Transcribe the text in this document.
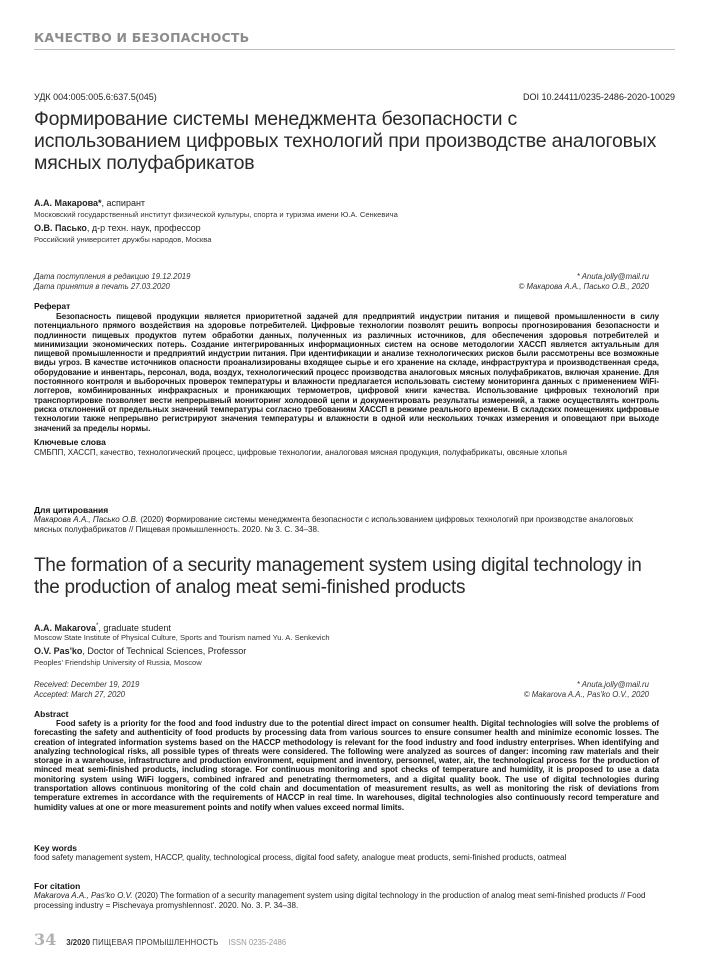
КАЧЕСТВО И БЕЗОПАСНОСТЬ
УДК 004:005:005.6:637.5(045)	DOI 10.24411/0235-2486-2020-10029
Формирование системы менеджмента безопасности с использованием цифровых технологий при производстве аналоговых мясных полуфабрикатов
А.А. Макарова*, аспирант
Московский государственный институт физической культуры, спорта и туризма имени Ю.А. Сенкевича
О.В. Пасько, д-р техн. наук, профессор
Российский университет дружбы народов, Москва
Дата поступления в редакцию 19.12.2019
Дата принятия в печать 27.03.2020
* Anuta.jolly@mail.ru
© Макарова А.А., Пасько О.В., 2020
Реферат

Безопасность пищевой продукции является приоритетной задачей для предприятий индустрии питания и пищевой промышленности в силу потенциального прямого воздействия на здоровье потребителей. Цифровые технологии позволят решить вопросы прогнозирования безопасности и подлинности пищевых продуктов путем обработки данных, полученных из различных источников, для обеспечения здоровья потребителей и минимизации экономических потерь. Создание интегрированных информационных систем на основе методологии ХАССП является актуальным для пищевой промышленности и предприятий индустрии питания. При идентификации и анализе технологических рисков были рассмотрены все возможные виды угроз. В качестве источников опасности проанализированы входящее сырье и его хранение на складе, инфраструктура и производственная среда, оборудование и инвентарь, персонал, вода, воздух, технологический процесс производства аналоговых мясных полуфабрикатов, включая хранение. Для постоянного контроля и выборочных проверок температуры и влажности предлагается использовать систему мониторинга данных с применением WiFi-логгеров, комбинированных инфракрасных и проникающих термометров, цифровой книги качества. Использование цифровых технологий при транспортировке позволяет вести непрерывный мониторинг холодовой цепи и документировать результаты измерений, а также осуществлять контроль риска отклонений от предельных значений температуры согласно требованиям ХАССП в режиме реального времени. В складских помещениях цифровые технологии также непрерывно регистрируют значения температуры и влажности в одной или нескольких точках измерения и оповещают при выходе значений за пределы нормы.

Ключевые слова

СМБПП, ХАССП, качество, технологический процесс, цифровые технологии, аналоговая мясная продукция, полуфабрикаты, овсяные хлопья

Для цитирования

Макарова А.А., Пасько О.В. (2020) Формирование системы менеджмента безопасности с использованием цифровых технологий при производстве аналоговых мясных полуфабрикатов // Пищевая промышленность. 2020. № 3. С. 34–38.

The formation of a security management system using digital technology in the production of analog meat semi-finished products
A.A. Makarova*, graduate student
Moscow State Institute of Physical Culture, Sports and Tourism named Yu. A. Senkevich
O.V. Pas'ko, Doctor of Technical Sciences, Professor
Peoples' Friendship University of Russia, Moscow
Received: December 19, 2019
Accepted: March 27, 2020
* Anuta.jolly@mail.ru
© Makarova A.A., Pas'ko O.V., 2020
Abstract

Food safety is a priority for the food and food industry due to the potential direct impact on consumer health. Digital technologies will solve the problems of forecasting the safety and authenticity of food products by processing data from various sources to ensure consumer health and minimize economic losses. The creation of integrated information systems based on the HACCP methodology is relevant for the food industry and food industry enterprises. When identifying and analyzing technological risks, all possible types of threats were considered. The following were analyzed as sources of danger: incoming raw materials and their storage in a warehouse, infrastructure and production environment, equipment and inventory, personnel, water, air, the technological process for the production of minced meat semi-finished products, including storage. For continuous monitoring and spot checks of temperature and humidity, it is proposed to use a data monitoring system using WiFi loggers, combined infrared and penetrating thermometers, and a digital quality book. The use of digital technologies during transportation allows continuous monitoring of the cold chain and documentation of measurement results, as well as monitoring the risk of deviations from temperature extremes in accordance with the requirements of HACCP in real time. In warehouses, digital technologies also continuously record temperature and humidity values at one or more measurement points and notify when values exceed normal limits.

Key words

food safety management system, HACCP, quality, technological process, digital food safety, analogue meat products, semi-finished products, oatmeal

For citation

Makarova A.A., Pas'ko O.V. (2020) The formation of a security management system using digital technology in the production of analog meat semi-finished products // Food processing industry = Pischevaya promyshlennost'. 2020. No. 3. P. 34–38.

34 3/2020 ПИЩЕВАЯ ПРОМЫШЛЕННОСТЬ ISSN 0235-2486
